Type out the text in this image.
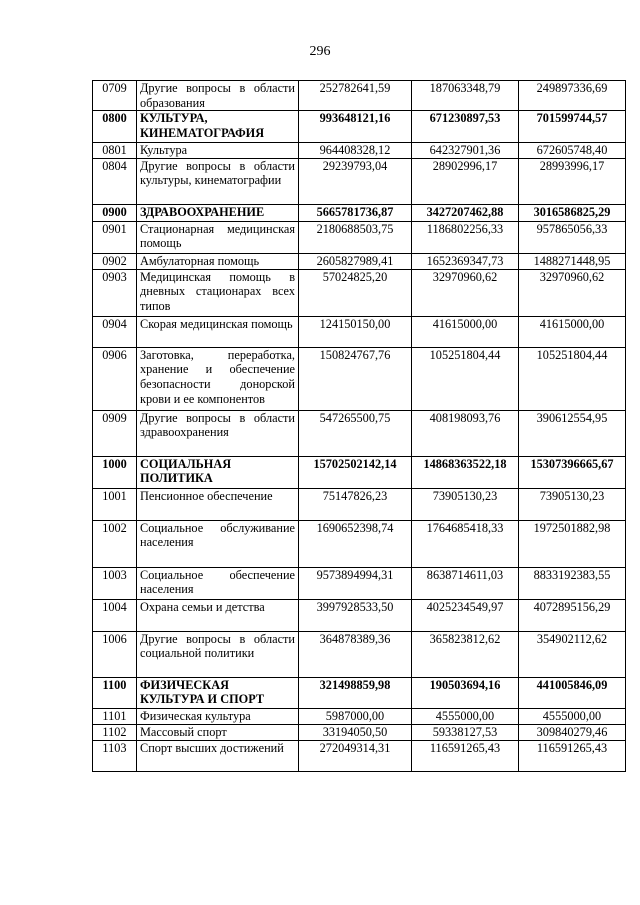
296
0709	Другие вопросы в области образования	252782641,59	187063348,79	249897336,69
0800	КУЛЬТУРА, КИНЕМАТОГРАФИЯ	993648121,16	671230897,53	701599744,57
0801	Культура	964408328,12	642327901,36	672605748,40
0804	Другие вопросы в области культуры, кинематографии	29239793,04	28902996,17	28993996,17
0900	ЗДРАВООХРАНЕНИЕ	5665781736,87	3427207462,88	3016586825,29
0901	Стационарная медицинская помощь	2180688503,75	1186802256,33	957865056,33
0902	Амбулаторная помощь	2605827989,41	1652369347,73	1488271448,95
0903	Медицинская помощь в дневных стационарах всех типов	57024825,20	32970960,62	32970960,62
0904	Скорая медицинская помощь	124150150,00	41615000,00	41615000,00
0906	Заготовка, переработка, хранение и обеспечение безопасности донорской крови и ее компонентов	150824767,76	105251804,44	105251804,44
0909	Другие вопросы в области здравоохранения	547265500,75	408198093,76	390612554,95
1000	СОЦИАЛЬНАЯ ПОЛИТИКА	15702502142,14	14868363522,18	15307396665,67
1001	Пенсионное обеспечение	75147826,23	73905130,23	73905130,23
1002	Социальное обслуживание населения	1690652398,74	1764685418,33	1972501882,98
1003	Социальное обеспечение населения	9573894994,31	8638714611,03	8833192383,55
1004	Охрана семьи и детства	3997928533,50	4025234549,97	4072895156,29
1006	Другие вопросы в области социальной политики	364878389,36	365823812,62	354902112,62
1100	ФИЗИЧЕСКАЯ КУЛЬТУРА И СПОРТ	321498859,98	190503694,16	441005846,09
1101	Физическая культура	5987000,00	4555000,00	4555000,00
1102	Массовый спорт	33194050,50	59338127,53	309840279,46
1103	Спорт высших достижений	272049314,31	116591265,43	116591265,43
